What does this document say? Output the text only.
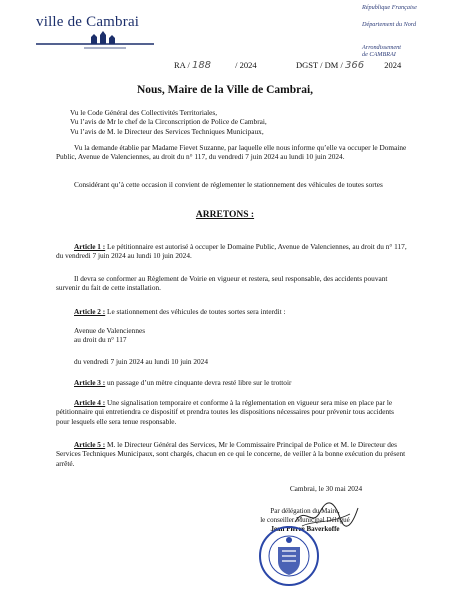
ville de Cambrai
République Française
Département du Nord
Arrondissement
de CAMBRAI
RA / 188	/ 2024	DGST / DM / 366 2024
Nous, Maire de la Ville de Cambrai,
Vu le Code Général des Collectivités Territoriales,
Vu l’avis de Mr le chef de la Circonscription de Police de Cambrai,
Vu l’avis de M. le Directeur des Services Techniques Municipaux,
Vu la demande établie par Madame Fievet Suzanne, par laquelle elle nous informe qu’elle va occuper le Domaine Public, Avenue de Valenciennes, au droit du n° 117, du vendredi 7 juin 2024 au lundi 10 juin 2024.
Considérant qu’à cette occasion il convient de réglementer le stationnement des véhicules de toutes sortes
ARRETONS :
Article 1 : Le pétitionnaire est autorisé à occuper le Domaine Public, Avenue de Valenciennes, au droit du n° 117, du vendredi 7 juin 2024 au lundi 10 juin 2024.
Il devra se conformer au Règlement de Voirie en vigueur et restera, seul responsable, des accidents pouvant survenir du fait de cette installation.
Article 2 : Le stationnement des véhicules de toutes sortes sera interdit :
Avenue de Valenciennes
au droit du n° 117
du vendredi 7 juin 2024 au lundi 10 juin 2024
Article 3 : un passage d’un mètre cinquante devra resté libre sur le trottoir
Article 4 : Une signalisation temporaire et conforme à la réglementation en vigueur sera mise en place par le pétitionnaire qui entretiendra ce dispositif et prendra toutes les dispositions nécessaires pour prévenir tous accidents pour lesquels elle sera tenue responsable.
Article 5 : M. le Directeur Général des Services, Mr le Commissaire Principal de Police et M. le Directeur des Services Techniques Municipaux, sont chargés, chacun en ce qui le concerne, de veiller à la bonne exécution du présent arrêté.
Cambrai, le 30 mai 2024
Par délégation du Maire,
le conseiller Municipal Délégué
Jean Pierre Baverkoffe
